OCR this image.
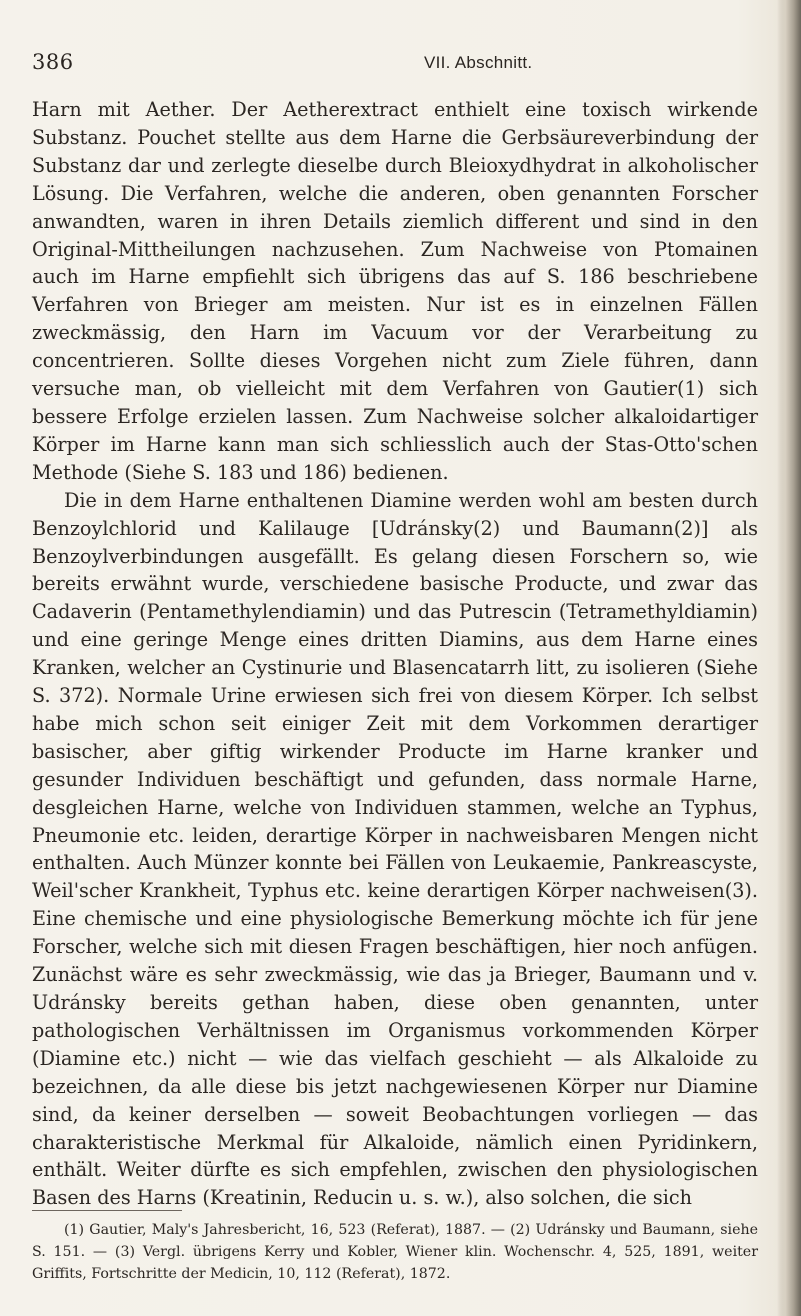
386	VII. Abschnitt.

Harn mit Aether. Der Aetherextract enthielt eine toxisch wirkende Substanz. Pouchet stellte aus dem Harne die Gerbsäureverbindung der Substanz dar und zerlegte dieselbe durch Bleioxydhydrat in alkoholischer Lösung. Die Verfahren, welche die anderen, oben genannten Forscher anwandten, waren in ihren Details ziemlich different und sind in den Original-Mittheilungen nachzusehen. Zum Nachweise von Ptomainen auch im Harne empfiehlt sich übrigens das auf S. 186 beschriebene Verfahren von Brieger am meisten. Nur ist es in einzelnen Fällen zweckmässig, den Harn im Vacuum vor der Verarbeitung zu concentrieren. Sollte dieses Vorgehen nicht zum Ziele führen, dann versuche man, ob vielleicht mit dem Verfahren von Gautier(1) sich bessere Erfolge erzielen lassen. Zum Nachweise solcher alkaloidartiger Körper im Harne kann man sich schliesslich auch der Stas-Otto'schen Methode (Siehe S. 183 und 186) bedienen.

Die in dem Harne enthaltenen Diamine werden wohl am besten durch Benzoylchlorid und Kalilauge [Udránsky(2) und Baumann(2)] als Benzoylverbindungen ausgefällt. Es gelang diesen Forschern so, wie bereits erwähnt wurde, verschiedene basische Producte, und zwar das Cadaverin (Pentamethylendiamin) und das Putrescin (Tetramethyldiamin) und eine geringe Menge eines dritten Diamins, aus dem Harne eines Kranken, welcher an Cystinurie und Blasencatarrh litt, zu isolieren (Siehe S. 372). Normale Urine erwiesen sich frei von diesem Körper. Ich selbst habe mich schon seit einiger Zeit mit dem Vorkommen derartiger basischer, aber giftig wirkender Producte im Harne kranker und gesunder Individuen beschäftigt und gefunden, dass normale Harne, desgleichen Harne, welche von Individuen stammen, welche an Typhus, Pneumonie etc. leiden, derartige Körper in nachweisbaren Mengen nicht enthalten. Auch Münzer konnte bei Fällen von Leukaemie, Pankreascyste, Weil'scher Krankheit, Typhus etc. keine derartigen Körper nachweisen(3). Eine chemische und eine physiologische Bemerkung möchte ich für jene Forscher, welche sich mit diesen Fragen beschäftigen, hier noch anfügen. Zunächst wäre es sehr zweckmässig, wie das ja Brieger, Baumann und v. Udránsky bereits gethan haben, diese oben genannten, unter pathologischen Verhältnissen im Organismus vorkommenden Körper (Diamine etc.) nicht — wie das vielfach geschieht — als Alkaloide zu bezeichnen, da alle diese bis jetzt nachgewiesenen Körper nur Diamine sind, da keiner derselben — soweit Beobachtungen vorliegen — das charakteristische Merkmal für Alkaloide, nämlich einen Pyridinkern, enthält. Weiter dürfte es sich empfehlen, zwischen den physiologischen Basen des Harns (Kreatinin, Reducin u. s. w.), also solchen, die sich

(1) Gautier, Maly's Jahresbericht, 16, 523 (Referat), 1887. — (2) Udránsky und Baumann, siehe S. 151. — (3) Vergl. übrigens Kerry und Kobler, Wiener klin. Wochenschr. 4, 525, 1891, weiter Griffits, Fortschritte der Medicin, 10, 112 (Referat), 1872.
